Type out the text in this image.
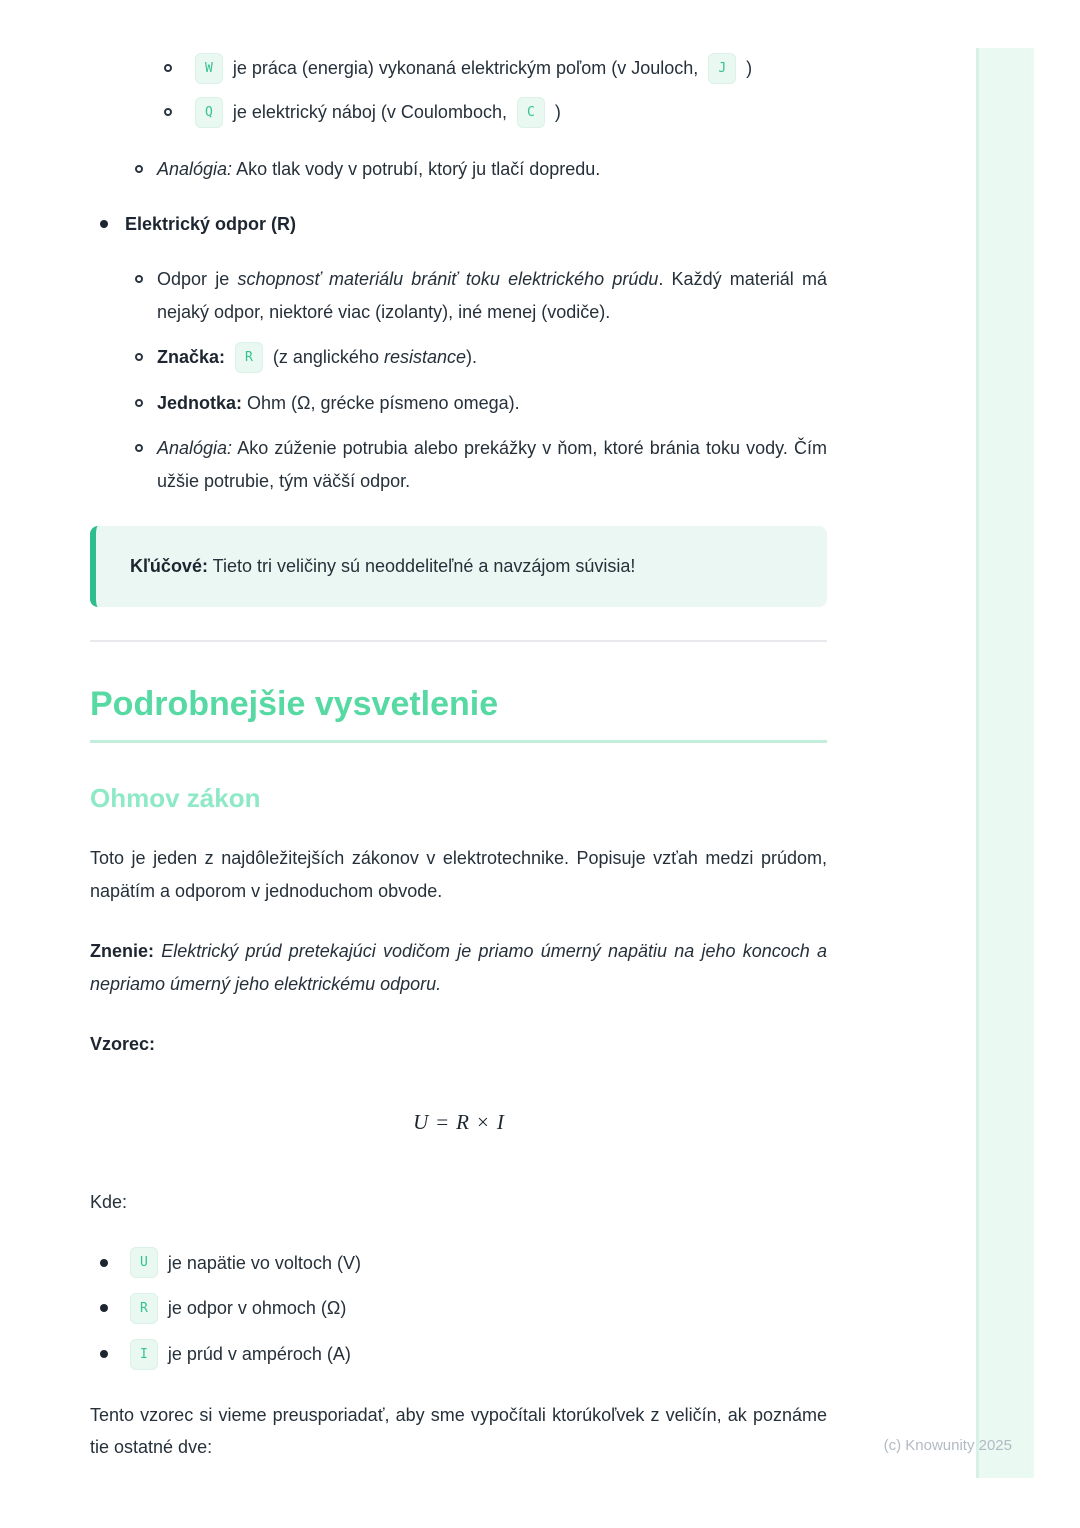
(c) Knowunity 2025
W je práca (energia) vykonaná elektrickým poľom (v Jouloch, J )
Q je elektrický náboj (v Coulomboch, C )
Analógia: Ako tlak vody v potrubí, ktorý ju tlačí dopredu.
Elektrický odpor (R)
Odpor je schopnosť materiálu brániť toku elektrického prúdu. Každý materiál má nejaký odpor, niektoré viac (izolanty), iné menej (vodiče).
Značka: R (z anglického resistance).
Jednotka: Ohm (Ω, grécke písmeno omega).
Analógia: Ako zúženie potrubia alebo prekážky v ňom, ktoré bránia toku vody. Čím užšie potrubie, tým väčší odpor.
Kľúčové: Tieto tri veličiny sú neoddeliteľné a navzájom súvisia!
Podrobnejšie vysvetlenie
Ohmov zákon

Toto je jeden z najdôležitejších zákonov v elektrotechnike. Popisuje vzťah medzi prúdom, napätím a odporom v jednoduchom obvode.

Znenie: Elektrický prúd pretekajúci vodičom je priamo úmerný napätiu na jeho koncoch a nepriamo úmerný jeho elektrickému odporu.

Vzorec:

U = R × I

Kde:

U je napätie vo voltoch (V)
R je odpor v ohmoch (Ω)
I je prúd v ampéroch (A)

Tento vzorec si vieme preusporiadať, aby sme vypočítali ktorúkoľvek z veličín, ak poznáme tie ostatné dve:
